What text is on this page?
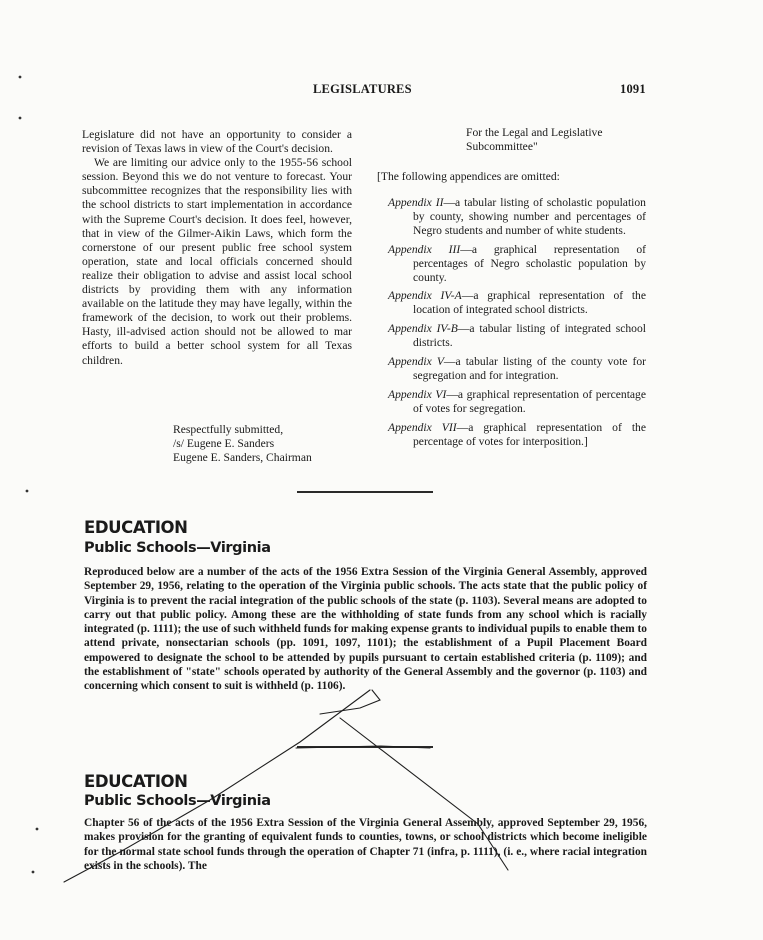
LEGISLATURES	1091

Legislature did not have an opportunity to consider a revision of Texas laws in view of the Court's decision.

We are limiting our advice only to the 1955-56 school session. Beyond this we do not venture to forecast. Your subcommittee recognizes that the responsibility lies with the school districts to start implementation in accordance with the Supreme Court's decision. It does feel, however, that in view of the Gilmer-Aikin Laws, which form the cornerstone of our present public free school system operation, state and local officials concerned should realize their obligation to advise and assist local school districts by providing them with any information available on the latitude they may have legally, within the framework of the decision, to work out their problems. Hasty, ill-advised action should not be allowed to mar efforts to build a better school system for all Texas children.

Respectfully submitted,
/s/ Eugene E. Sanders
Eugene E. Sanders, Chairman
For the Legal and Legislative
Subcommittee"
[The following appendices are omitted:

Appendix II—a tabular listing of scholastic population by county, showing number and percentages of Negro students and number of white students.

Appendix III—a graphical representation of percentages of Negro scholastic population by county.

Appendix IV-A—a graphical representation of the location of integrated school districts.

Appendix IV-B—a tabular listing of integrated school districts.

Appendix V—a tabular listing of the county vote for segregation and for integration.

Appendix VI—a graphical representation of percentage of votes for segregation.

Appendix VII—a graphical representation of the percentage of votes for interposition.]

EDUCATION
Public Schools—Virginia
Reproduced below are a number of the acts of the 1956 Extra Session of the Virginia General Assembly, approved September 29, 1956, relating to the operation of the Virginia public schools. The acts state that the public policy of Virginia is to prevent the racial integration of the public schools of the state (p. 1103). Several means are adopted to carry out that public policy. Among these are the withholding of state funds from any school which is racially integrated (p. 1111); the use of such withheld funds for making expense grants to individual pupils to enable them to attend private, nonsectarian schools (pp. 1091, 1097, 1101); the establishment of a Pupil Placement Board empowered to designate the school to be attended by pupils pursuant to certain established criteria (p. 1109); and the establishment of "state" schools operated by authority of the General Assembly and the governor (p. 1103) and concerning which consent to suit is withheld (p. 1106).
EDUCATION
Public Schools—Virginia
Chapter 56 of the acts of the 1956 Extra Session of the Virginia General Assembly, approved September 29, 1956, makes provision for the granting of equivalent funds to counties, towns, or school districts which become ineligible for the normal state school funds through the operation of Chapter 71 (infra, p. 1111), (i. e., where racial integration exists in the schools). The
